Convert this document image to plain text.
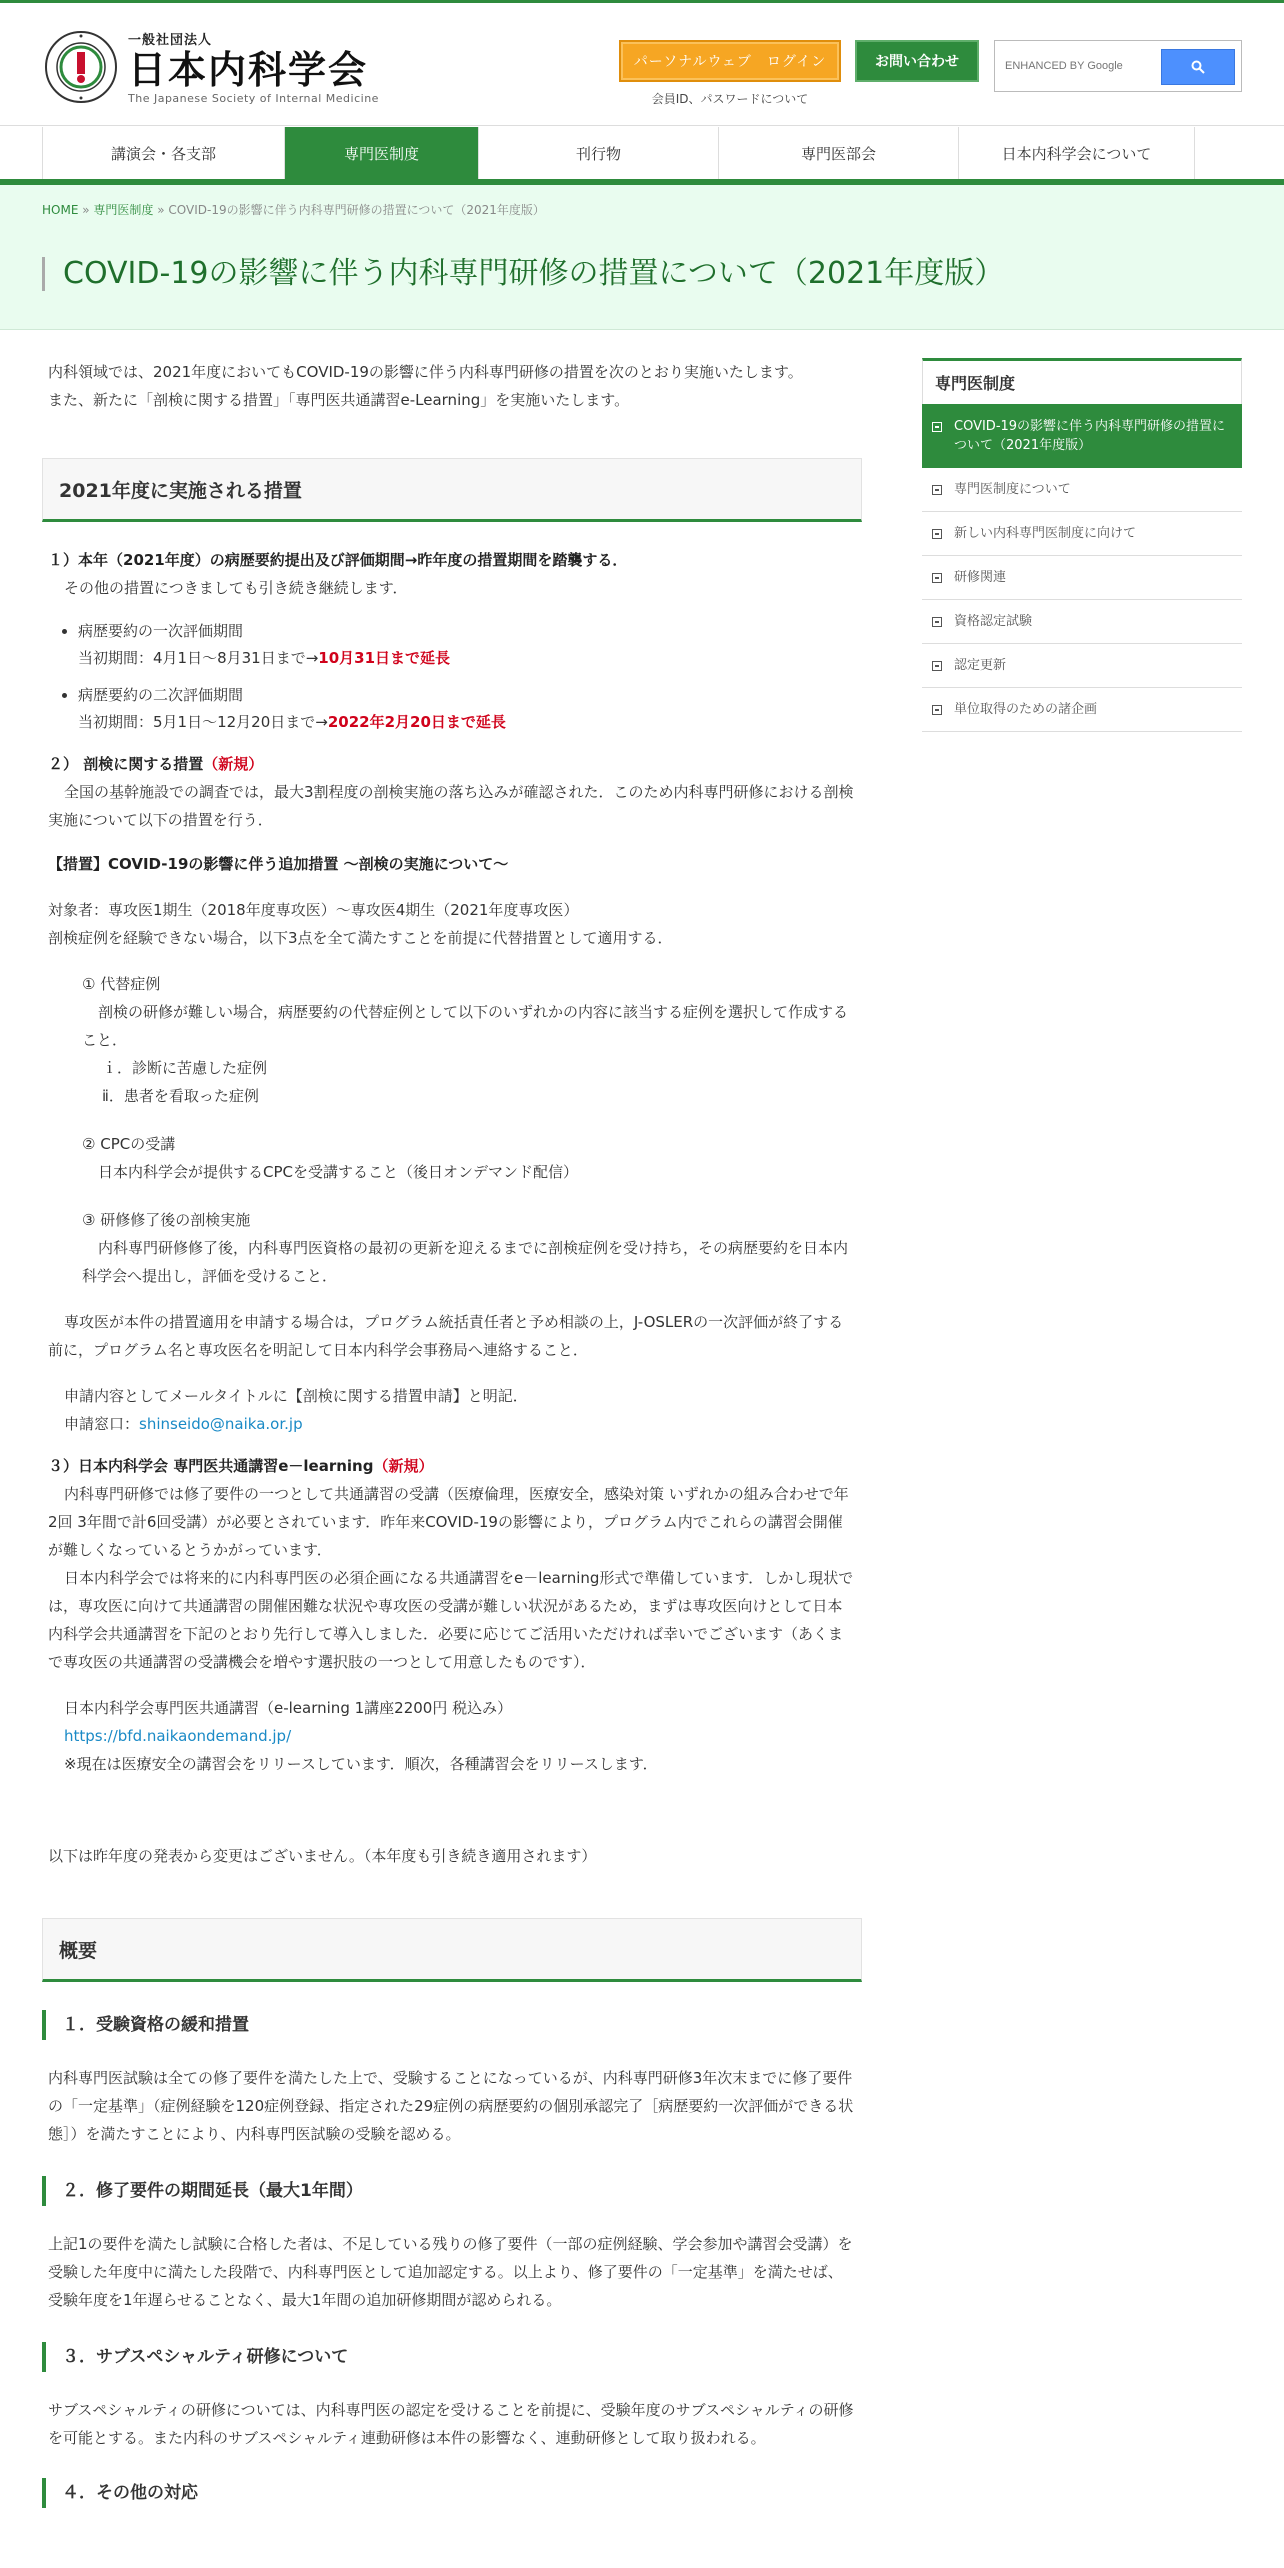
一般社団法人
日本内科学会
The Japanese Society of Internal Medicine
パーソナルウェブ　ログイン
会員ID、パスワードについて
お問い合わせ
ENHANCED BY Google
講演会・各支部	専門医制度	刊行物	専門医部会	日本内科学会について
HOME » 専門医制度 » COVID-19の影響に伴う内科専門研修の措置について（2021年度版）
COVID-19の影響に伴う内科専門研修の措置について（2021年度版）
内科領域では、2021年度においてもCOVID-19の影響に伴う内科専門研修の措置を次のとおり実施いたします。
また、新たに「剖検に関する措置」「専門医共通講習e-Learning」を実施いたします。
2021年度に実施される措置
１）本年（2021年度）の病歴要約提出及び評価期間→昨年度の措置期間を踏襲する．
その他の措置につきましても引き続き継続します．
• 病歴要約の一次評価期間
当初期間：4月1日～8月31日まで→10月31日まで延長
• 病歴要約の二次評価期間
当初期間：5月1日～12月20日まで→2022年2月20日まで延長
２） 剖検に関する措置（新規）
全国の基幹施設での調査では，最大3割程度の剖検実施の落ち込みが確認された．このため内科専門研修における剖検実施について以下の措置を行う．
【措置】COVID-19の影響に伴う追加措置 ～剖検の実施について～
対象者：専攻医1期生（2018年度専攻医）～専攻医4期生（2021年度専攻医）
剖検症例を経験できない場合，以下3点を全て満たすことを前提に代替措置として適用する．
① 代替症例
剖検の研修が難しい場合，病歴要約の代替症例として以下のいずれかの内容に該当する症例を選択して作成すること．
ｉ．診断に苦慮した症例
ⅱ．患者を看取った症例
② CPCの受講
日本内科学会が提供するCPCを受講すること（後日オンデマンド配信）
③ 研修修了後の剖検実施
内科専門研修修了後，内科専門医資格の最初の更新を迎えるまでに剖検症例を受け持ち，その病歴要約を日本内科学会へ提出し，評価を受けること．
専攻医が本件の措置適用を申請する場合は，プログラム統括責任者と予め相談の上，J-OSLERの一次評価が終了する前に，プログラム名と専攻医名を明記して日本内科学会事務局へ連絡すること．
申請内容としてメールタイトルに【剖検に関する措置申請】と明記．
申請窓口：shinseido@naika.or.jp
３）日本内科学会 専門医共通講習e－learning（新規）
内科専門研修では修了要件の一つとして共通講習の受講（医療倫理，医療安全，感染対策 いずれかの組み合わせで年2回 3年間で計6回受講）が必要とされています．昨年来COVID-19の影響により，プログラム内でこれらの講習会開催が難しくなっているとうかがっています．
日本内科学会では将来的に内科専門医の必須企画になる共通講習をe－learning形式で準備しています．しかし現状では，専攻医に向けて共通講習の開催困難な状況や専攻医の受講が難しい状況があるため，まずは専攻医向けとして日本内科学会共通講習を下記のとおり先行して導入しました．必要に応じてご活用いただければ幸いでございます（あくまで専攻医の共通講習の受講機会を増やす選択肢の一つとして用意したものです）．
日本内科学会専門医共通講習（e-learning 1講座2200円 税込み）
https://bfd.naikaondemand.jp/
※現在は医療安全の講習会をリリースしています．順次，各種講習会をリリースします．
以下は昨年度の発表から変更はございません。（本年度も引き続き適用されます）
概要
１．受験資格の緩和措置
内科専門医試験は全ての修了要件を満たした上で、受験することになっているが、内科専門研修3年次末までに修了要件の「一定基準」（症例経験を120症例登録、指定された29症例の病歴要約の個別承認完了［病歴要約一次評価ができる状態］）を満たすことにより、内科専門医試験の受験を認める。
２．修了要件の期間延長（最大1年間）
上記1の要件を満たし試験に合格した者は、不足している残りの修了要件（一部の症例経験、学会参加や講習会受講）を受験した年度中に満たした段階で、内科専門医として追加認定する。以上より、修了要件の「一定基準」を満たせば、受験年度を1年遅らせることなく、最大1年間の追加研修期間が認められる。
３．サブスペシャルティ研修について
サブスペシャルティの研修については、内科専門医の認定を受けることを前提に、受験年度のサブスペシャルティの研修を可能とする。また内科のサブスペシャルティ連動研修は本件の影響なく、連動研修として取り扱われる。
４．その他の対応
専門医制度
COVID-19の影響に伴う内科専門研修の措置について（2021年度版）
専門医制度について
新しい内科専門医制度に向けて
研修関連
資格認定試験
認定更新
単位取得のための諸企画
